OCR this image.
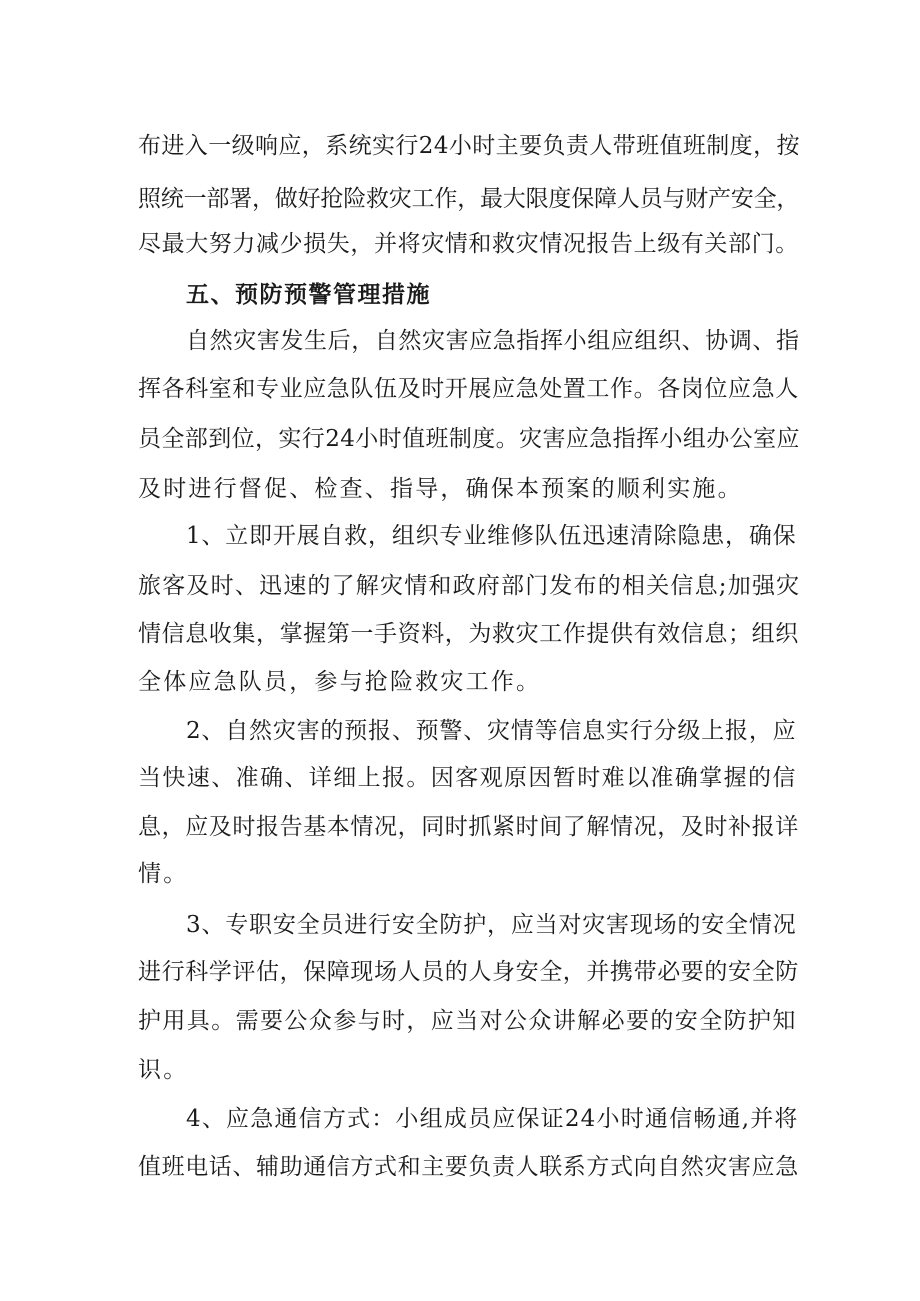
布进入一级响应，系统实行24小时主要负责人带班值班制度，按
照统一部署，做好抢险救灾工作，最大限度保障人员与财产安全，
尽最大努力减少损失，并将灾情和救灾情况报告上级有关部门。
五、预防预警管理措施
自然灾害发生后，自然灾害应急指挥小组应组织、协调、指
挥各科室和专业应急队伍及时开展应急处置工作。各岗位应急人
员全部到位，实行24小时值班制度。灾害应急指挥小组办公室应
及时进行督促、检查、指导，确保本预案的顺利实施。
1、立即开展自救，组织专业维修队伍迅速清除隐患，确保
旅客及时、迅速的了解灾情和政府部门发布的相关信息;加强灾
情信息收集，掌握第一手资料，为救灾工作提供有效信息；组织
全体应急队员，参与抢险救灾工作。
2、自然灾害的预报、预警、灾情等信息实行分级上报，应
当快速、准确、详细上报。因客观原因暂时难以准确掌握的信
息，应及时报告基本情况，同时抓紧时间了解情况，及时补报详
情。
3、专职安全员进行安全防护，应当对灾害现场的安全情况
进行科学评估，保障现场人员的人身安全，并携带必要的安全防
护用具。需要公众参与时，应当对公众讲解必要的安全防护知
识。
4、应急通信方式：小组成员应保证24小时通信畅通,并将
值班电话、辅助通信方式和主要负责人联系方式向自然灾害应急
